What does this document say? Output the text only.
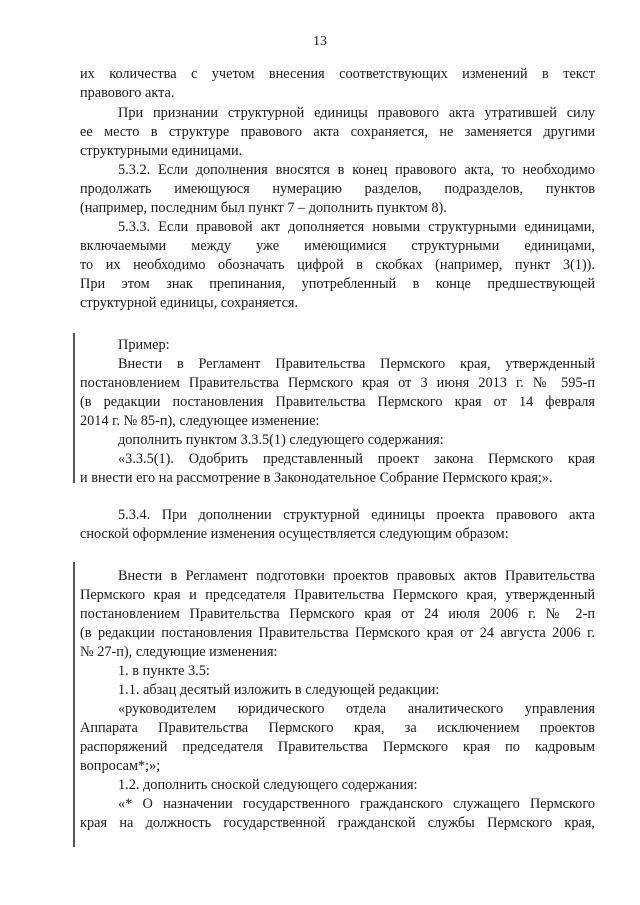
13
их количества с учетом внесения соответствующих изменений в текст
правового акта.
При признании структурной единицы правового акта утратившей силу
ее место в структуре правового акта сохраняется, не заменяется другими
структурными единицами.
5.3.2. Если дополнения вносятся в конец правового акта, то необходимо
продолжать имеющуюся нумерацию разделов, подразделов, пунктов
(например, последним был пункт 7 – дополнить пунктом 8).
5.3.3. Если правовой акт дополняется новыми структурными единицами,
включаемыми между уже имеющимися структурными единицами,
то их необходимо обозначать цифрой в скобках (например, пункт 3(1)).
При этом знак препинания, употребленный в конце предшествующей
структурной единицы, сохраняется.
Пример:
Внести в Регламент Правительства Пермского края, утвержденный
постановлением Правительства Пермского края от 3 июня 2013 г. № 595-п
(в редакции постановления Правительства Пермского края от 14 февраля
2014 г. № 85-п), следующее изменение:
дополнить пунктом 3.3.5(1) следующего содержания:
«3.3.5(1). Одобрить представленный проект закона Пермского края
и внести его на рассмотрение в Законодательное Собрание Пермского края;».
5.3.4. При дополнении структурной единицы проекта правового акта
сноской оформление изменения осуществляется следующим образом:
Внести в Регламент подготовки проектов правовых актов Правительства
Пермского края и председателя Правительства Пермского края, утвержденный
постановлением Правительства Пермского края от 24 июля 2006 г. № 2-п
(в редакции постановления Правительства Пермского края от 24 августа 2006 г.
№ 27-п), следующие изменения:
1. в пункте 3.5:
1.1. абзац десятый изложить в следующей редакции:
«руководителем юридического отдела аналитического управления
Аппарата Правительства Пермского края, за исключением проектов
распоряжений председателя Правительства Пермского края по кадровым
вопросам*;»;
1.2. дополнить сноской следующего содержания:
«* О назначении государственного гражданского служащего Пермского
края на должность государственной гражданской службы Пермского края,
